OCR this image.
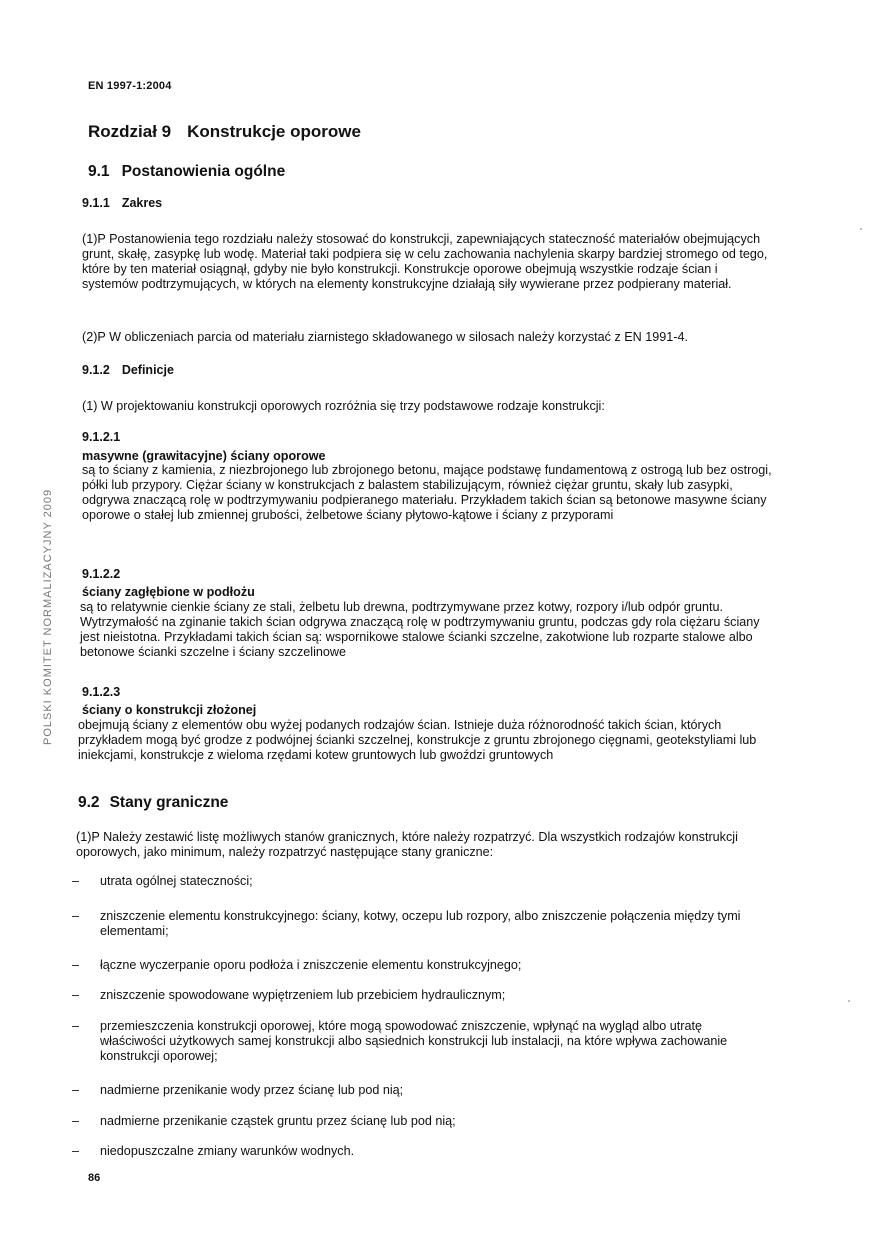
EN 1997-1:2004
Rozdział 9 Konstrukcje oporowe
9.1 Postanowienia ogólne
9.1.1 Zakres
(1)P Postanowienia tego rozdziału należy stosować do konstrukcji, zapewniających stateczność materiałów obejmujących grunt, skałę, zasypkę lub wodę. Materiał taki podpiera się w celu zachowania nachylenia skarpy bardziej stromego od tego, które by ten materiał osiągnął, gdyby nie było konstrukcji. Konstrukcje oporowe obejmują wszystkie rodzaje ścian i systemów podtrzymujących, w których na elementy konstrukcyjne działają siły wywierane przez podpierany materiał.
(2)P W obliczeniach parcia od materiału ziarnistego składowanego w silosach należy korzystać z EN 1991-4.
9.1.2 Definicje
(1) W projektowaniu konstrukcji oporowych rozróżnia się trzy podstawowe rodzaje konstrukcji:
9.1.2.1
masywne (grawitacyjne) ściany oporowe
są to ściany z kamienia, z niezbrojonego lub zbrojonego betonu, mające podstawę fundamentową z ostrogą lub bez ostrogi, półki lub przypory. Ciężar ściany w konstrukcjach z balastem stabilizującym, również ciężar gruntu, skały lub zasypki, odgrywa znaczącą rolę w podtrzymywaniu podpieranego materiału. Przykładem takich ścian są betonowe masywne ściany oporowe o stałej lub zmiennej grubości, żelbetowe ściany płytowo-kątowe i ściany z przyporami
9.1.2.2
ściany zagłębione w podłożu
są to relatywnie cienkie ściany ze stali, żelbetu lub drewna, podtrzymywane przez kotwy, rozpory i/lub odpór gruntu. Wytrzymałość na zginanie takich ścian odgrywa znaczącą rolę w podtrzymywaniu gruntu, podczas gdy rola ciężaru ściany jest nieistotna. Przykładami takich ścian są: wspornikowe stalowe ścianki szczelne, zakotwione lub rozparte stalowe albo betonowe ścianki szczelne i ściany szczelinowe
9.1.2.3
ściany o konstrukcji złożonej
obejmują ściany z elementów obu wyżej podanych rodzajów ścian. Istnieje duża różnorodność takich ścian, których przykładem mogą być grodze z podwójnej ścianki szczelnej, konstrukcje z gruntu zbrojonego cięgnami, geotekstyliami lub iniekcjami, konstrukcje z wieloma rzędami kotew gruntowych lub gwoździ gruntowych
9.2 Stany graniczne
(1)P Należy zestawić listę możliwych stanów granicznych, które należy rozpatrzyć. Dla wszystkich rodzajów konstrukcji oporowych, jako minimum, należy rozpatrzyć następujące stany graniczne:
– utrata ogólnej stateczności;
– zniszczenie elementu konstrukcyjnego: ściany, kotwy, oczepu lub rozpory, albo zniszczenie połączenia między tymi elementami;
– łączne wyczerpanie oporu podłoża i zniszczenie elementu konstrukcyjnego;
– zniszczenie spowodowane wypiętrzeniem lub przebiciem hydraulicznym;
– przemieszczenia konstrukcji oporowej, które mogą spowodować zniszczenie, wpłynąć na wygląd albo utratę właściwości użytkowych samej konstrukcji albo sąsiednich konstrukcji lub instalacji, na które wpływa zachowanie konstrukcji oporowej;
– nadmierne przenikanie wody przez ścianę lub pod nią;
– nadmierne przenikanie cząstek gruntu przez ścianę lub pod nią;
– niedopuszczalne zmiany warunków wodnych.
POLSKI KOMITET NORMALIZACYJNY 2009
86
